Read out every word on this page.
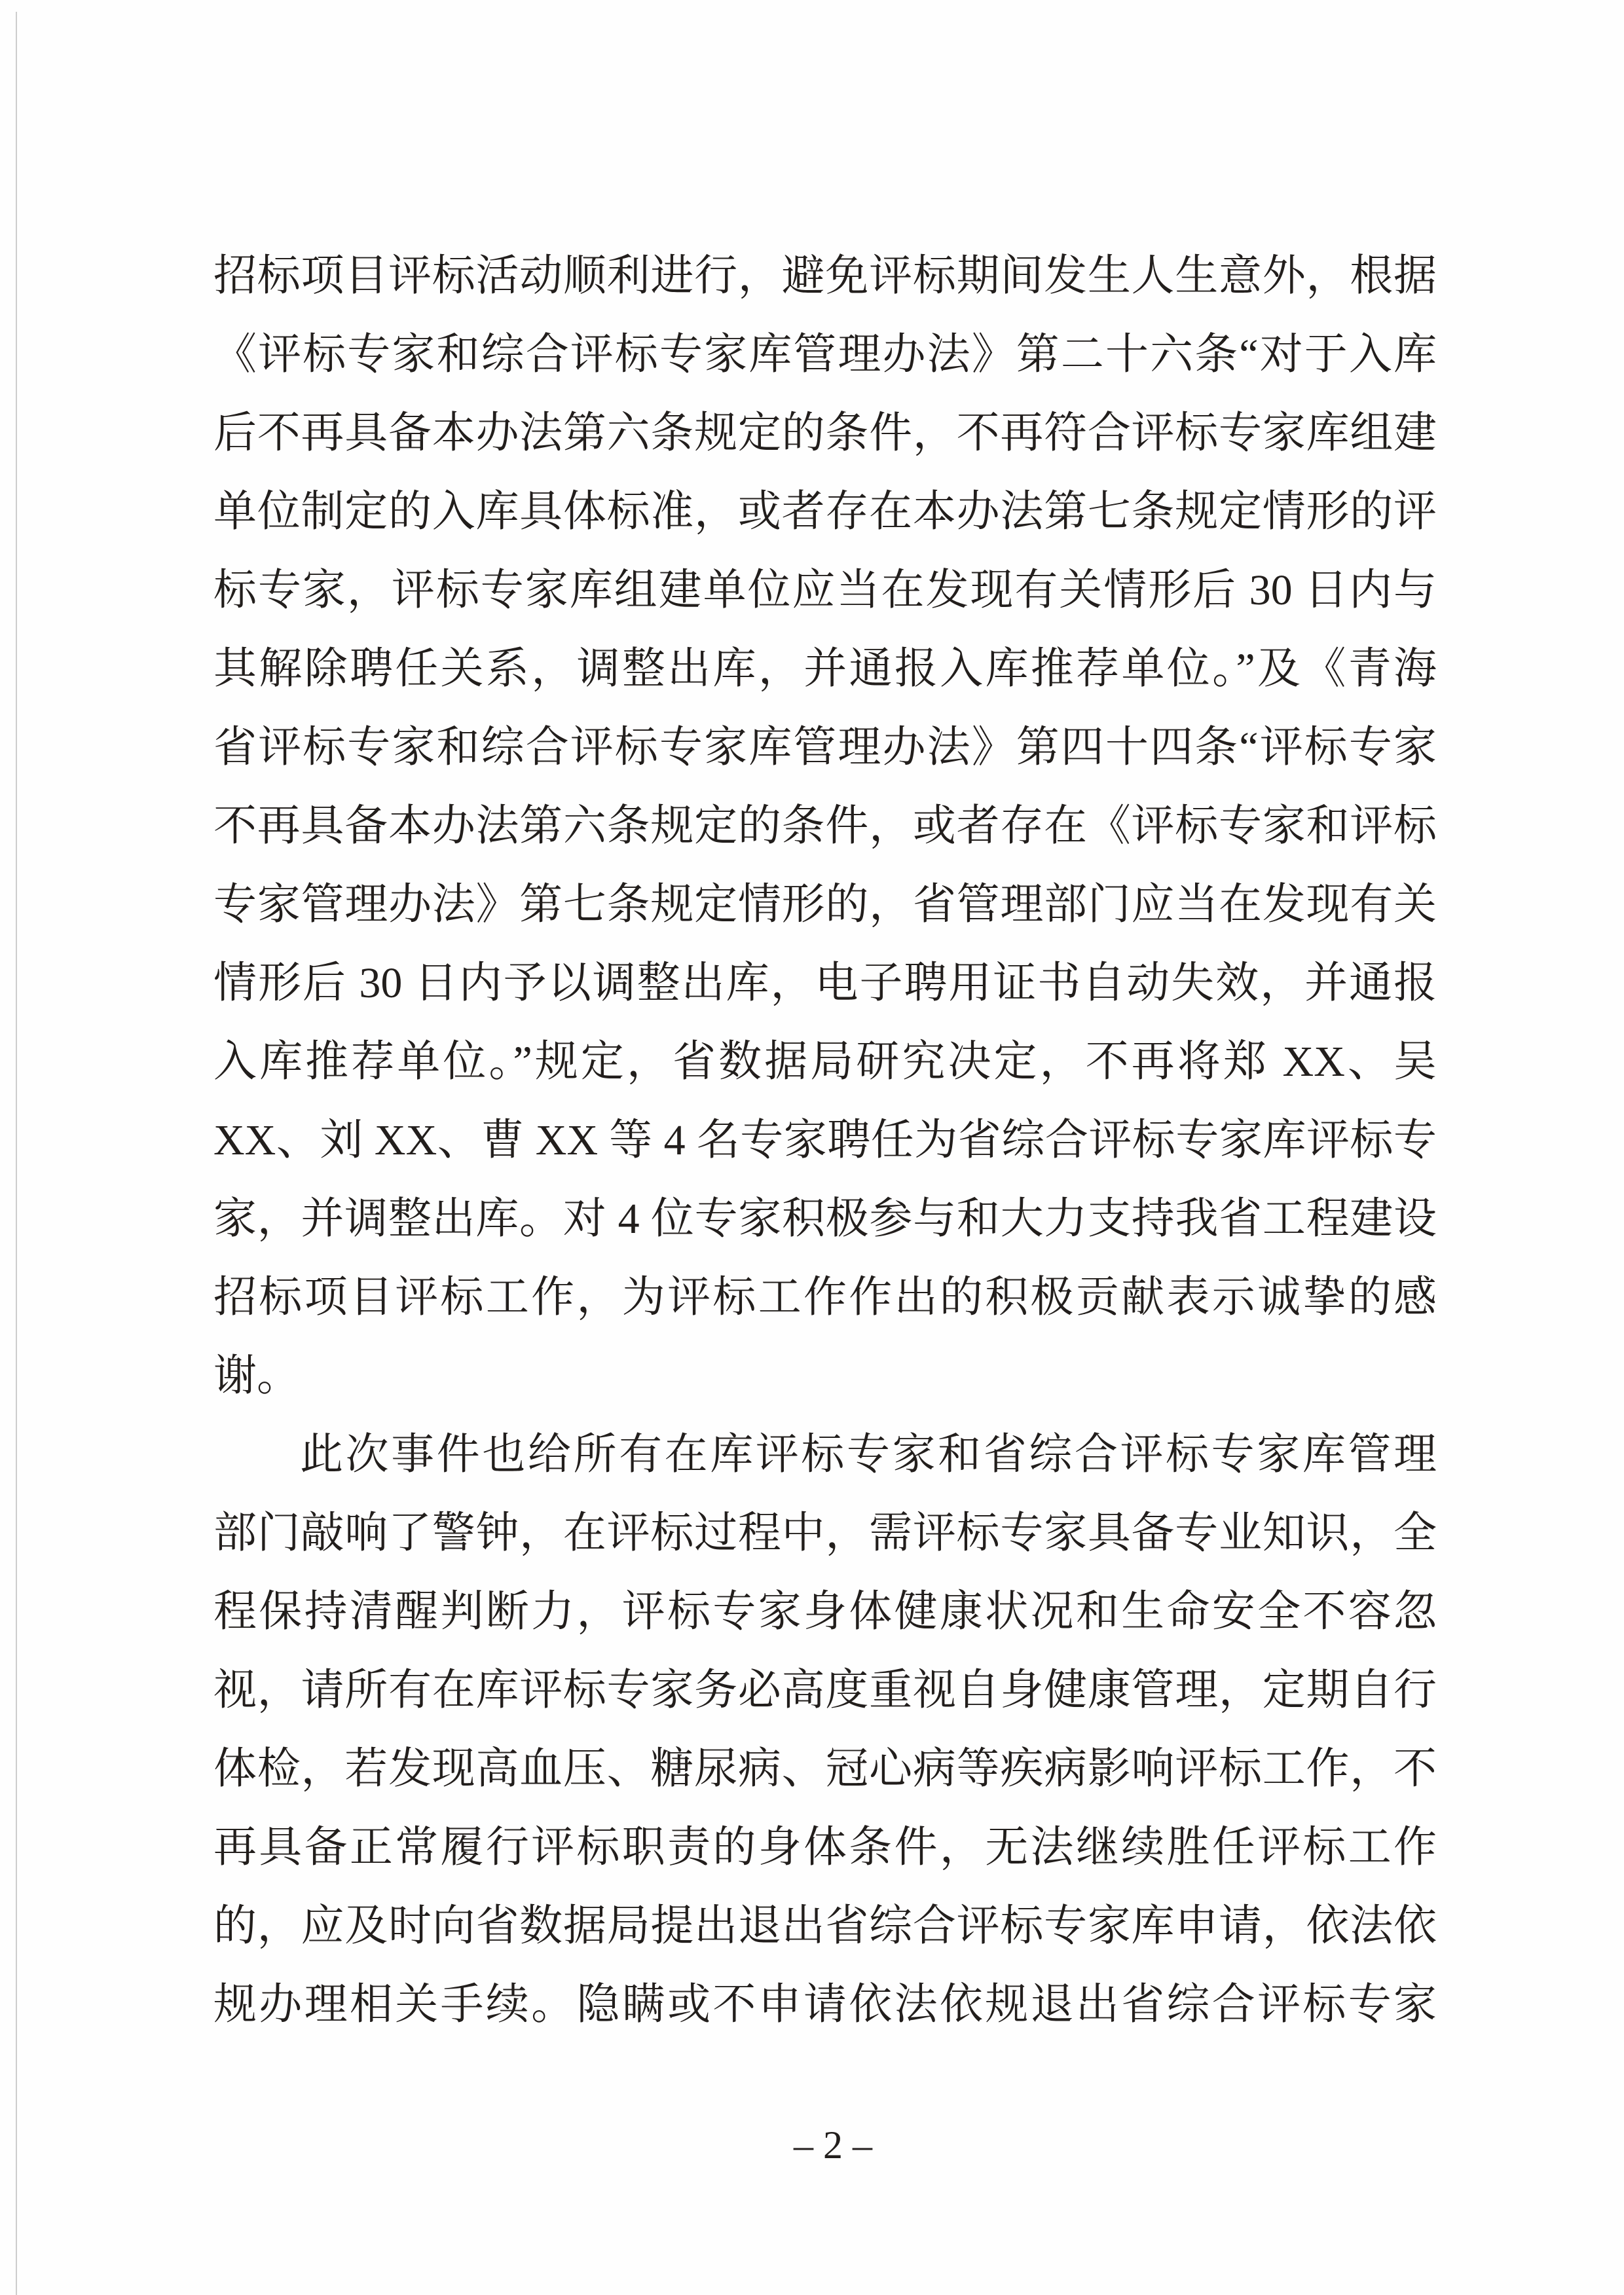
招标项目评标活动顺利进行，避免评标期间发生人生意外，根据
《评标专家和综合评标专家库管理办法》第二十六条“对于入库
后不再具备本办法第六条规定的条件，不再符合评标专家库组建
单位制定的入库具体标准，或者存在本办法第七条规定情形的评
标专家，评标专家库组建单位应当在发现有关情形后 30 日内与
其解除聘任关系，调整出库，并通报入库推荐单位。”及《青海
省评标专家和综合评标专家库管理办法》第四十四条“评标专家
不再具备本办法第六条规定的条件，或者存在《评标专家和评标
专家管理办法》第七条规定情形的，省管理部门应当在发现有关
情形后 30 日内予以调整出库，电子聘用证书自动失效，并通报
入库推荐单位。”规定，省数据局研究决定，不再将郑 XX、吴
XX、刘 XX、曹 XX 等 4 名专家聘任为省综合评标专家库评标专
家，并调整出库。对 4 位专家积极参与和大力支持我省工程建设
招标项目评标工作，为评标工作作出的积极贡献表示诚挚的感
谢。
此次事件也给所有在库评标专家和省综合评标专家库管理
部门敲响了警钟，在评标过程中，需评标专家具备专业知识，全
程保持清醒判断力，评标专家身体健康状况和生命安全不容忽
视，请所有在库评标专家务必高度重视自身健康管理，定期自行
体检，若发现高血压、糖尿病、冠心病等疾病影响评标工作，不
再具备正常履行评标职责的身体条件，无法继续胜任评标工作
的，应及时向省数据局提出退出省综合评标专家库申请，依法依
规办理相关手续。隐瞒或不申请依法依规退出省综合评标专家
– 2 –
